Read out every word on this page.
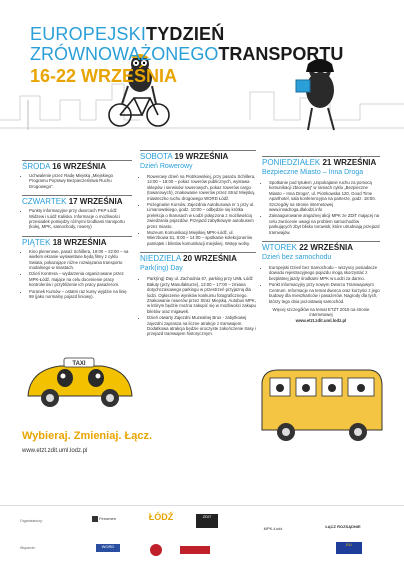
EUROPEJSKITYDZIEŃ
ZRÓWNOWAŻONEGOTRANSPORTU
16-22 WRZEŚNIA
ŚRODA 16 WRZEŚNIA
• Uchwalenie przez Radę Miejską „Miejskiego Programu Poprawy Bezpieczeństwa Ruchu Drogowego”.
CZWARTEK 17 WRZEŚNIA
• Punkty informacyjne przy dworcach PKP Łódź Widzew i Łódź Kaliska. Informacje o możliwości przesiadek pomiędzy różnymi środkami transportu (kolej, MPK, samochody, rowery)
PIĄTEK 18 WRZEŚNIA
• Kino plenerowe, pasaż Schillera, 19:00 – 22:00 – na wielkim ekranie wyświetlane będą filmy z cyklu Swiata, pokazujące różne rozwiązania transportu modalnego w miastach.
• Dzień Kontrera – wydarzenia organizowane przez MPK-Łódź, mające na celu docenienie pracy kontrolerów i przybliżenie ich pracy pasażerom.
• Poranek Kursów – ostatni raz kursy wyjdzie na linię 99 (jako normalny pojazd liniowy).
SOBOTA 19 WRZEŚNIA
Dzień Rowerowy
• Rowerowy dzień na Piotrkowskiej, przy pasażu Schillera, 14:00 – 18:00 – pokaz rowerów publicznych, wystawa sklepów i serwisów rowerowych, pokaz rowerów cargo (towarowych), znakowanie rowerów przez Straż Miejską, miasteczko ruchu drogowego WORD Łódź.
• Pożegnanie Kursów. Zajezdnia Autobusowa nr 1 przy ul. Limanowskiego, godz. 10:00 – odbędzie się krótka prelekcja o Ikarusach w Łodzi połączona z możliwością zwiedzania pojazdów. Przejazd zabytkowym autobusem przez miasto.
• Muzeum Komunikacji Miejskiej MPK-Łódź, ul. Wierzbowa 51, 8:00 – 14:00 – spotkanie kolekcjonerów pamiątek i biletów komunikacji miejskiej. Wstęp wolny.
NIEDZIELA 20 WRZEŚNIA
Park(ing) Day
• Park(ing) Day ul. Zachodnia 67, parking przy UMŁ Łódź Bałuty (przy Manufakturze), 13:00 – 17:00 – zmiana dotychczasowego parkingu w przestrzeń przyjazną dla ludzi. Ogłoszenie wyników konkursu fotograficznego. Znakowanie rowerów przez Straż Miejską. Autobus MPK, w którym będzie można zakupić się w możliwości zakupu biletów oraz migawek.
• Dzień otwarty Zajezdni Muzealnej Brus - zabytkowej zajezdni zaprasza na liczne atrakcje z tramwajem. Dodatkowa atrakcja będzie uroczyste zakończenie trasy i przejazd tramwajem historycznym.
PONIEDZIAŁEK 21 WRZEŚNIA
Bezpieczne Miasto – Inna Droga
• Spotkanie pod tytułem „Uspokajanie ruchu za pomocą komunikacji zbiorowej” w ramach cyklu „Bezpieczne Miasto – Inna Droga”, ul. Piotrkowska 120, Good Time Aparthotel, sala konferencyjna na parterze, godz. 18:00. Szczegóły na stronie internetowej www.innadroga.dlalodzi.info
• Zainaugurowanie angażnej akcji MPK ze ZDiT mającej na celu zwrócenie uwagi na problem samochodów parkujących zbyt blisko torowisk, które utrudniają przejazd tramwajów.
WTOREK 22 WRZEŚNIA
Dzień bez samochodu
• Europejski Dzień bez Samochodu – wszyscy posiadacze dowodu rejestracyjnego pojazdu mogą skorzystać z bezpłatnej jazdy środkami MPK w Łodzi za darmo.
• Punkt informacyjny przy nowym Dworcu Tramwajowym Centrum. Informacje na temat dworca oraz korzyści z jego budowy dla mieszkańców i pasażerów. Nagrody dla tych, którzy tego dnia pozostawią samochód.
Więcej szczegółów na temat ETZT 2015 na stronie internetowej
www.etzt.zdit.uml.lodz.pl
TAXI
Wybieraj. Zmieniaj. Łącz.
www.etzt.zdit.uml.lodz.pl
Organizatorzy:
Wsparcie:
Fenomen	ŁÓDŹ	ZDiT
MPK-Łódź	ŁĄCZ ROZSĄDNIE
WORD	EU
